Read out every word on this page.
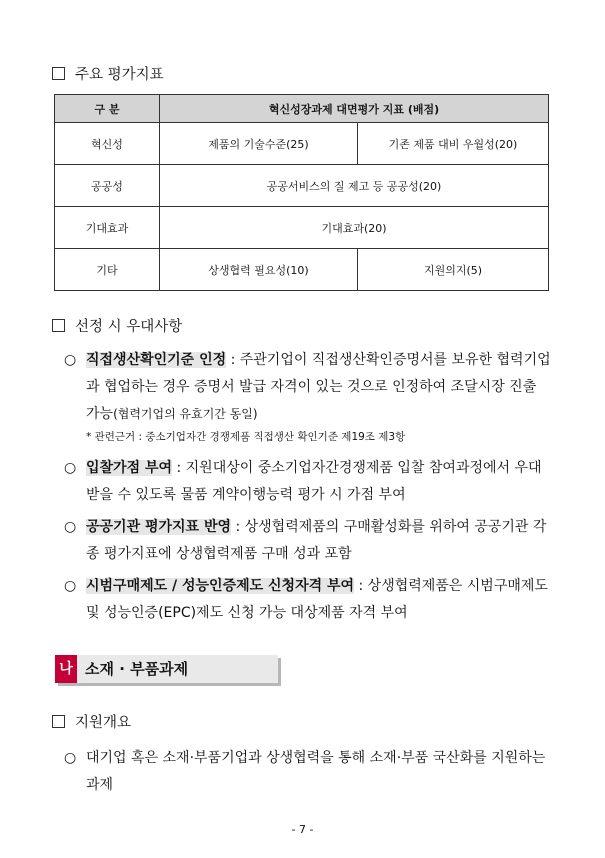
주요 평가지표
구 분	혁신성장과제 대면평가 지표 (배점)	
혁신성	제품의 기술수준(25)	기존 제품 대비 우월성(20)
공공성	공공서비스의 질 제고 등 공공성(20)	
기대효과	기대효과(20)	
기타	상생협력 필요성(10)	지원의지(5)
선정 시 우대사항
○ 직접생산확인기준 인정 : 주관기업이 직접생산확인증명서를 보유한 협력기업과 협업하는 경우 증명서 발급 자격이 있는 것으로 인정하여 조달시장 진출 가능(협력기업의 유효기간 동일)
* 관련근거 : 중소기업자간 경쟁제품 직접생산 확인기준 제19조 제3항
○ 입찰가점 부여 : 지원대상이 중소기업자간경쟁제품 입찰 참여과정에서 우대받을 수 있도록 물품 계약이행능력 평가 시 가점 부여
○ 공공기관 평가지표 반영 : 상생협력제품의 구매활성화를 위하여 공공기관 각종 평가지표에 상생협력제품 구매 성과 포함
○ 시범구매제도 / 성능인증제도 신청자격 부여 : 상생협력제품은 시범구매제도 및 성능인증(EPC)제도 신청 가능 대상제품 자격 부여
나 소재 · 부품과제
지원개요
○ 대기업 혹은 소재·부품기업과 상생협력을 통해 소재·부품 국산화를 지원하는 과제
- 7 -
